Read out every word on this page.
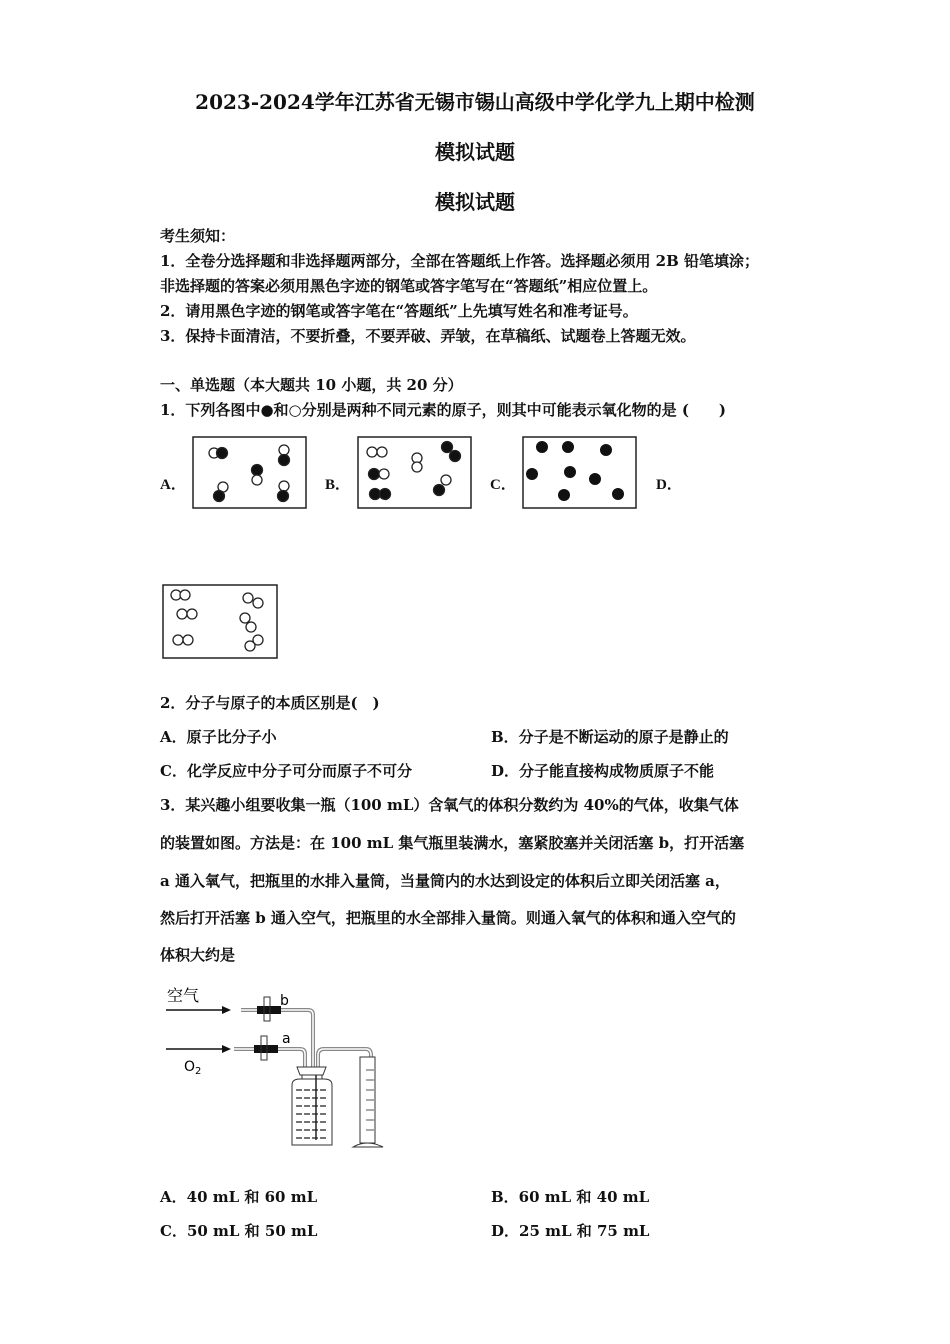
2023-2024学年江苏省无锡市锡山高级中学化学九上期中检测
模拟试题
模拟试题
考生须知：
1．全卷分选择题和非选择题两部分，全部在答题纸上作答。选择题必须用 2B 铅笔填涂；
非选择题的答案必须用黑色字迹的钢笔或答字笔写在“答题纸”相应位置上。
2．请用黑色字迹的钢笔或答字笔在“答题纸”上先填写姓名和准考证号。
3．保持卡面清洁，不要折叠，不要弄破、弄皱，在草稿纸、试题卷上答题无效。
一、单选题（本大题共 10 小题，共 20 分）
1．下列各图中●和○分别是两种不同元素的原子，则其中可能表示氧化物的是 (　　)
A．	B．	C．	D．
2．分子与原子的本质区别是(　)
A．原子比分子小	B．分子是不断运动的原子是静止的
C．化学反应中分子可分而原子不可分	D．分子能直接构成物质原子不能
3．某兴趣小组要收集一瓶（100 mL）含氧气的体积分数约为 40%的气体，收集气体
的装置如图。方法是：在 100 mL 集气瓶里装满水，塞紧胶塞并关闭活塞 b，打开活塞
a 通入氧气，把瓶里的水排入量筒，当量筒内的水达到设定的体积后立即关闭活塞 a，
然后打开活塞 b 通入空气，把瓶里的水全部排入量筒。则通入氧气的体积和通入空气的
体积大约是
空气
$O_2$
b
a
A．40 mL 和 60 mL	B．60 mL 和 40 mL
C．50 mL 和 50 mL	D．25 mL 和 75 mL
